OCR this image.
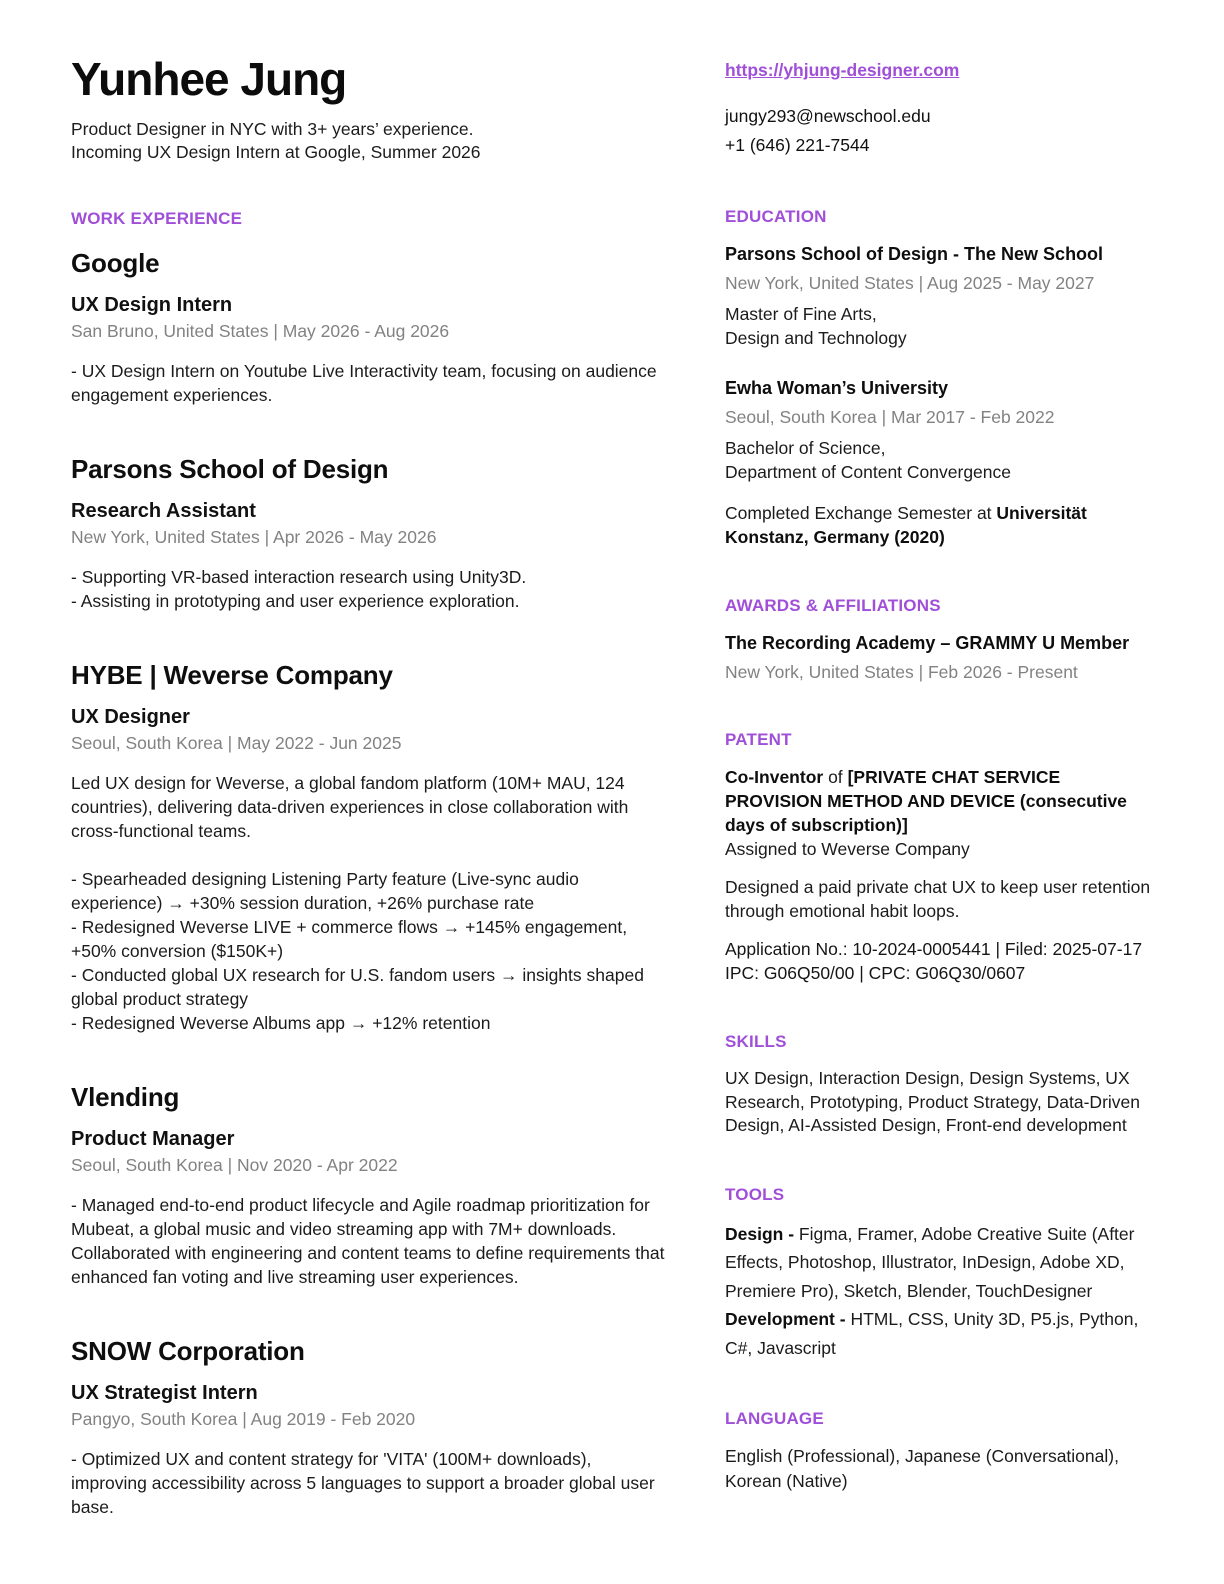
Yunhee Jung
Product Designer in NYC with 3+ years’ experience.
Incoming UX Design Intern at Google, Summer 2026
WORK EXPERIENCE
Google
UX Design Intern
San Bruno, United States | May 2026 - Aug 2026
- UX Design Intern on Youtube Live Interactivity team, focusing on audience engagement experiences.
Parsons School of Design
Research Assistant
New York, United States | Apr 2026 - May 2026
- Supporting VR-based interaction research using Unity3D.
- Assisting in prototyping and user experience exploration.
HYBE | Weverse Company
UX Designer
Seoul, South Korea | May 2022 - Jun 2025

Led UX design for Weverse, a global fandom platform (10M+ MAU, 124 countries), delivering data-driven experiences in close collaboration with cross-functional teams.

- Spearheaded designing Listening Party feature (Live-sync audio experience) → +30% session duration, +26% purchase rate
- Redesigned Weverse LIVE + commerce flows → +145% engagement, +50% conversion ($150K+)
- Conducted global UX research for U.S. fandom users → insights shaped global product strategy
- Redesigned Weverse Albums app → +12% retention
Vlending
Product Manager
Seoul, South Korea | Nov 2020 - Apr 2022
- Managed end-to-end product lifecycle and Agile roadmap prioritization for Mubeat, a global music and video streaming app with 7M+ downloads. Collaborated with engineering and content teams to define requirements that enhanced fan voting and live streaming user experiences.
SNOW Corporation
UX Strategist Intern
Pangyo, South Korea | Aug 2019 - Feb 2020
- Optimized UX and content strategy for 'VITA' (100M+ downloads), improving accessibility across 5 languages to support a broader global user base.
https://yhjung-designer.com
jungy293@newschool.edu
+1 (646) 221-7544
EDUCATION
Parsons School of Design - The New School
New York, United States | Aug 2025 - May 2027
Master of Fine Arts,
Design and Technology
Ewha Woman’s University
Seoul, South Korea | Mar 2017 - Feb 2022
Bachelor of Science,
Department of Content Convergence
Completed Exchange Semester at Universität Konstanz, Germany (2020)
AWARDS & AFFILIATIONS
The Recording Academy – GRAMMY U Member
New York, United States | Feb 2026 - Present
PATENT
Co-Inventor of [PRIVATE CHAT SERVICE PROVISION METHOD AND DEVICE (consecutive days of subscription)]
Assigned to Weverse Company
Designed a paid private chat UX to keep user retention through emotional habit loops.
Application No.: 10-2024-0005441 | Filed: 2025-07-17
IPC: G06Q50/00 | CPC: G06Q30/0607
SKILLS
UX Design, Interaction Design, Design Systems, UX Research, Prototyping, Product Strategy, Data-Driven Design, AI-Assisted Design, Front-end development
TOOLS
Design - Figma, Framer, Adobe Creative Suite (After Effects, Photoshop, Illustrator, InDesign, Adobe XD, Premiere Pro), Sketch, Blender, TouchDesigner
Development - HTML, CSS, Unity 3D, P5.js, Python, C#, Javascript
LANGUAGE
English (Professional), Japanese (Conversational), Korean (Native)
